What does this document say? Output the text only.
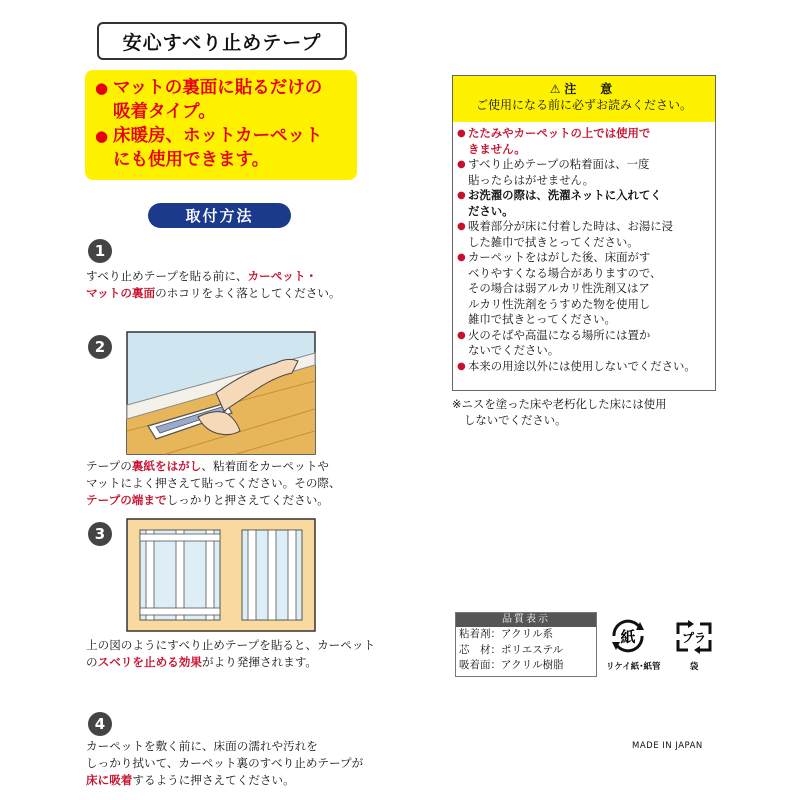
安心すべり止めテープ
● マットの裏面に貼るだけの
吸着タイプ。
● 床暖房、ホットカーペット
にも使用できます。
取付方法
1
すべり止めテープを貼る前に、カーペット・
マットの裏面のホコリをよく落としてください。
2
テープの裏紙をはがし、粘着面をカーペットや
マットによく押さえて貼ってください。その際、
テープの端までしっかりと押さえてください。
3
上の図のようにすべり止めテープを貼ると、カーペット
のスベリを止める効果がより発揮されます。
4
カーペットを敷く前に、床面の濡れや汚れを
しっかり拭いて、カーペット裏のすべり止めテープが
床に吸着するように押さえてください。
⚠ 注　意
ご使用になる前に必ずお読みください。
● たたみやカーペットの上では使用で
きません。
● すべり止めテープの粘着面は、一度
貼ったらはがせません。
● お洗濯の際は、洗濯ネットに入れてく
ださい。
● 吸着部分が床に付着した時は、お湯に浸
した雑巾で拭きとってください。
● カーペットをはがした後、床面がす
べりやすくなる場合がありますので、
その場合は弱アルカリ性洗剤又はア
ルカリ性洗剤をうすめた物を使用し
雑巾で拭きとってください。
● 火のそばや高温になる場所には置か
ないでください。
● 本来の用途以外には使用しないでください。
※ニスを塗った床や老朽化した床には使用
しないでください。
品質表示
粘着剤：アクリル系
芯　材：ポリエステル
吸着面：アクリル樹脂
紙
リケイ紙･紙管
プラ
袋
MADE IN JAPAN
